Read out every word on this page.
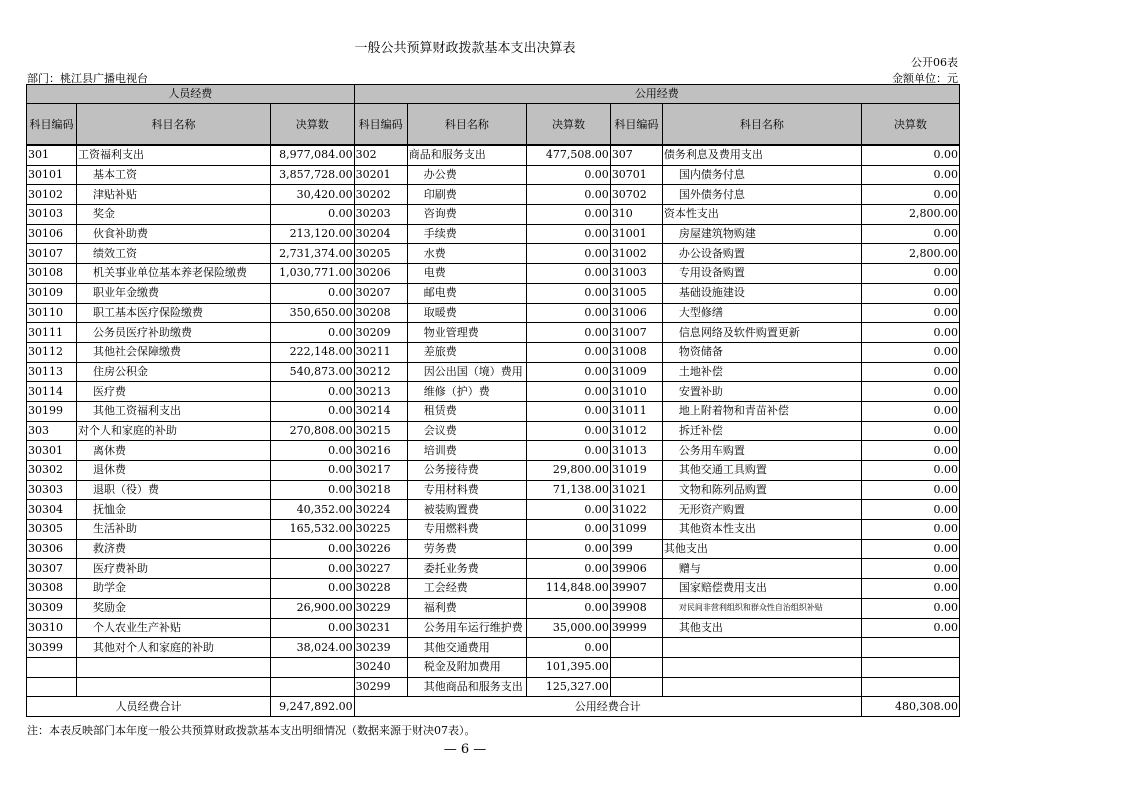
一般公共预算财政拨款基本支出决算表
公开06表
部门：桃江县广播电视台	金额单位：元
人员经费			公用经费					
科目编码	科目名称	决算数	科目编码	科目名称	决算数	科目编码	科目名称	决算数
301	工资福利支出	8,977,084.00	302	商品和服务支出	477,508.00	307	债务利息及费用支出	0.00
30101	基本工资	3,857,728.00	30201	办公费	0.00	30701	国内债务付息	0.00
30102	津贴补贴	30,420.00	30202	印刷费	0.00	30702	国外债务付息	0.00
30103	奖金	0.00	30203	咨询费	0.00	310	资本性支出	2,800.00
30106	伙食补助费	213,120.00	30204	手续费	0.00	31001	房屋建筑物购建	0.00
30107	绩效工资	2,731,374.00	30205	水费	0.00	31002	办公设备购置	2,800.00
30108	机关事业单位基本养老保险缴费	1,030,771.00	30206	电费	0.00	31003	专用设备购置	0.00
30109	职业年金缴费	0.00	30207	邮电费	0.00	31005	基础设施建设	0.00
30110	职工基本医疗保险缴费	350,650.00	30208	取暖费	0.00	31006	大型修缮	0.00
30111	公务员医疗补助缴费	0.00	30209	物业管理费	0.00	31007	信息网络及软件购置更新	0.00
30112	其他社会保障缴费	222,148.00	30211	差旅费	0.00	31008	物资储备	0.00
30113	住房公积金	540,873.00	30212	因公出国（境）费用	0.00	31009	土地补偿	0.00
30114	医疗费	0.00	30213	维修（护）费	0.00	31010	安置补助	0.00
30199	其他工资福利支出	0.00	30214	租赁费	0.00	31011	地上附着物和青苗补偿	0.00
303	对个人和家庭的补助	270,808.00	30215	会议费	0.00	31012	拆迁补偿	0.00
30301	离休费	0.00	30216	培训费	0.00	31013	公务用车购置	0.00
30302	退休费	0.00	30217	公务接待费	29,800.00	31019	其他交通工具购置	0.00
30303	退职（役）费	0.00	30218	专用材料费	71,138.00	31021	文物和陈列品购置	0.00
30304	抚恤金	40,352.00	30224	被装购置费	0.00	31022	无形资产购置	0.00
30305	生活补助	165,532.00	30225	专用燃料费	0.00	31099	其他资本性支出	0.00
30306	救济费	0.00	30226	劳务费	0.00	399	其他支出	0.00
30307	医疗费补助	0.00	30227	委托业务费	0.00	39906	赠与	0.00
30308	助学金	0.00	30228	工会经费	114,848.00	39907	国家赔偿费用支出	0.00
30309	奖励金	26,900.00	30229	福利费	0.00	39908	对民间非营利组织和群众性自治组织补贴	0.00
30310	个人农业生产补贴	0.00	30231	公务用车运行维护费	35,000.00	39999	其他支出	0.00
30399	其他对个人和家庭的补助	38,024.00	30239	其他交通费用	0.00			
			30240	税金及附加费用	101,395.00			
			30299	其他商品和服务支出	125,327.00			
人员经费合计		9,247,892.00	公用经费合计					480,308.00
注：本表反映部门本年度一般公共预算财政拨款基本支出明细情况（数据来源于财决07表）。
— 6 —
